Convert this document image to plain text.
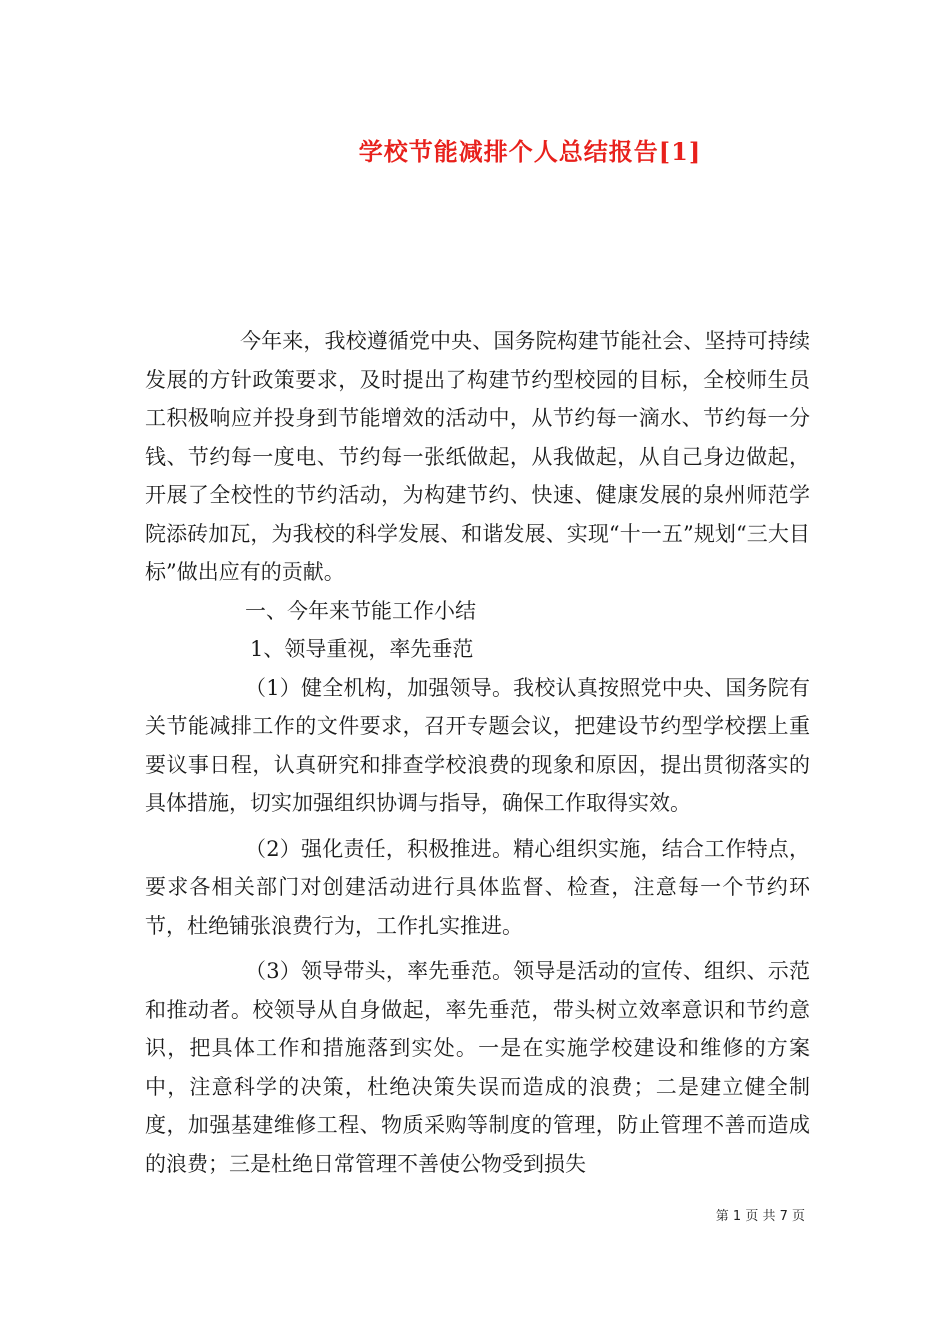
学校节能减排个人总结报告[1]

今年来，我校遵循党中央、国务院构建节能社会、坚持可持续发展的方针政策要求，及时提出了构建节约型校园的目标，全校师生员工积极响应并投身到节能增效的活动中，从节约每一滴水、节约每一分钱、节约每一度电、节约每一张纸做起，从我做起，从自己身边做起，开展了全校性的节约活动，为构建节约、快速、健康发展的泉州师范学院添砖加瓦，为我校的科学发展、和谐发展、实现“十一五”规划“三大目标”做出应有的贡献。

一、今年来节能工作小结

1、领导重视，率先垂范

（1）健全机构，加强领导。我校认真按照党中央、国务院有关节能减排工作的文件要求，召开专题会议，把建设节约型学校摆上重要议事日程，认真研究和排查学校浪费的现象和原因，提出贯彻落实的具体措施，切实加强组织协调与指导，确保工作取得实效。

（2）强化责任，积极推进。精心组织实施，结合工作特点，要求各相关部门对创建活动进行具体监督、检查，注意每一个节约环节，杜绝铺张浪费行为，工作扎实推进。

（3）领导带头，率先垂范。领导是活动的宣传、组织、示范和推动者。校领导从自身做起，率先垂范，带头树立效率意识和节约意识，把具体工作和措施落到实处。一是在实施学校建设和维修的方案中，注意科学的决策，杜绝决策失误而造成的浪费；二是建立健全制度，加强基建维修工程、物质采购等制度的管理，防止管理不善而造成的浪费；三是杜绝日常管理不善使公物受到损失

第 1 页 共 7 页
